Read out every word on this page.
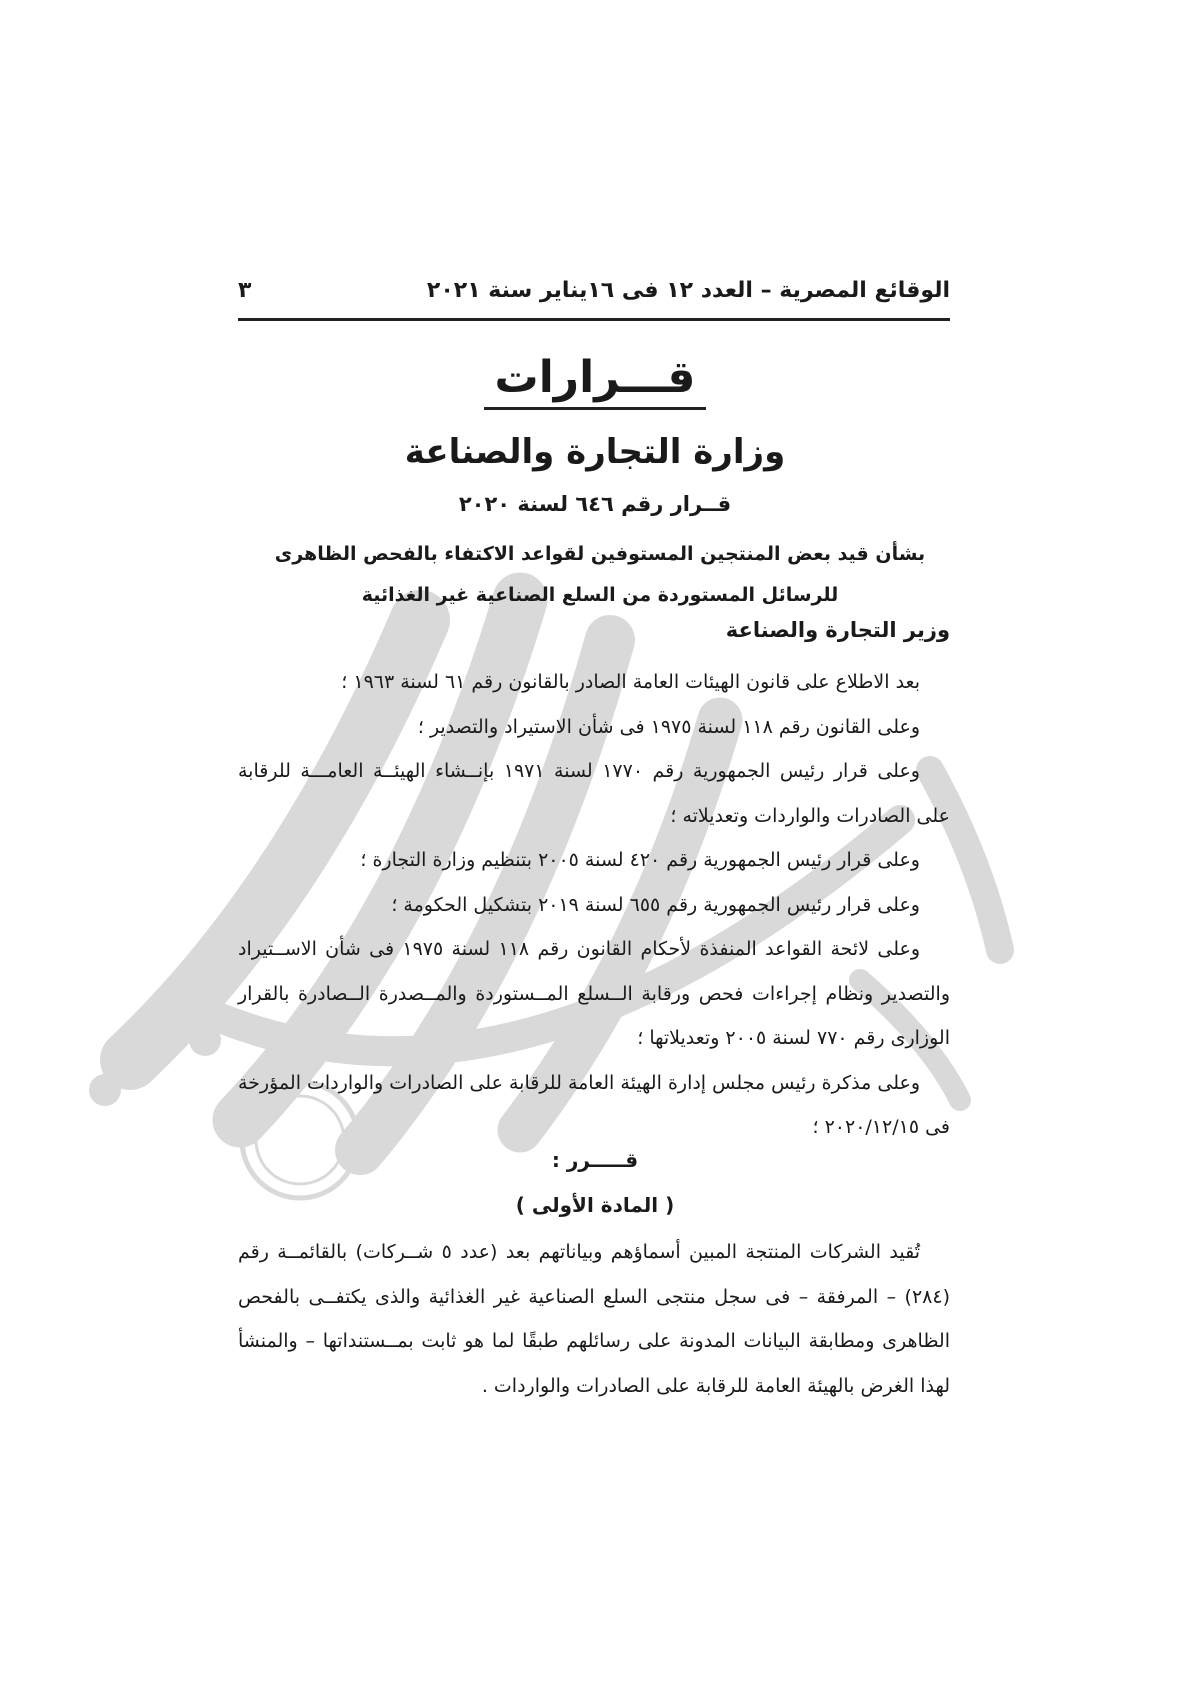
الوقائع المصرية – العدد ١٢ فى ١٦يناير سنة ٢٠٢١
٣
قـــرارات
وزارة التجارة والصناعة
قــرار رقم ٦٤٦ لسنة ٢٠٢٠
بشأن قيد بعض المنتجين المستوفين لقواعد الاكتفاء بالفحص الظاهرى
للرسائل المستوردة من السلع الصناعية غير الغذائية
وزير التجارة والصناعة

بعد الاطلاع على قانون الهيئات العامة الصادر بالقانون رقم ٦١ لسنة ١٩٦٣ ؛

وعلى القانون رقم ١١٨ لسنة ١٩٧٥ فى شأن الاستيراد والتصدير ؛

وعلى قرار رئيس الجمهورية رقم ١٧٧٠ لسنة ١٩٧١ بإنــشاء الهيئــة العامـــة للرقابة على الصادرات والواردات وتعديلاته ؛

وعلى قرار رئيس الجمهورية رقم ٤٢٠ لسنة ٢٠٠٥ بتنظيم وزارة التجارة ؛

وعلى قرار رئيس الجمهورية رقم ٦٥٥ لسنة ٢٠١٩ بتشكيل الحكومة ؛

وعلى لائحة القواعد المنفذة لأحكام القانون رقم ١١٨ لسنة ١٩٧٥ فى شأن الاســتيراد والتصدير ونظام إجراءات فحص ورقابة الــسلع المــستوردة والمــصدرة الــصادرة بالقرار الوزارى رقم ٧٧٠ لسنة ٢٠٠٥ وتعديلاتها ؛

وعلى مذكرة رئيس مجلس إدارة الهيئة العامة للرقابة على الصادرات والواردات المؤرخة فى ٢٠٢٠/١٢/١٥ ؛

قـــــرر :
( المادة الأولى )
تُقيد الشركات المنتجة المبين أسماؤهم وبياناتهم بعد (عدد ٥ شــركات) بالقائمــة رقم (٢٨٤) – المرفقة – فى سجل منتجى السلع الصناعية غير الغذائية والذى يكتفــى بالفحص الظاهرى ومطابقة البيانات المدونة على رسائلهم طبقًا لما هو ثابت بمــستنداتها – والمنشأ لهذا الغرض بالهيئة العامة للرقابة على الصادرات والواردات .
